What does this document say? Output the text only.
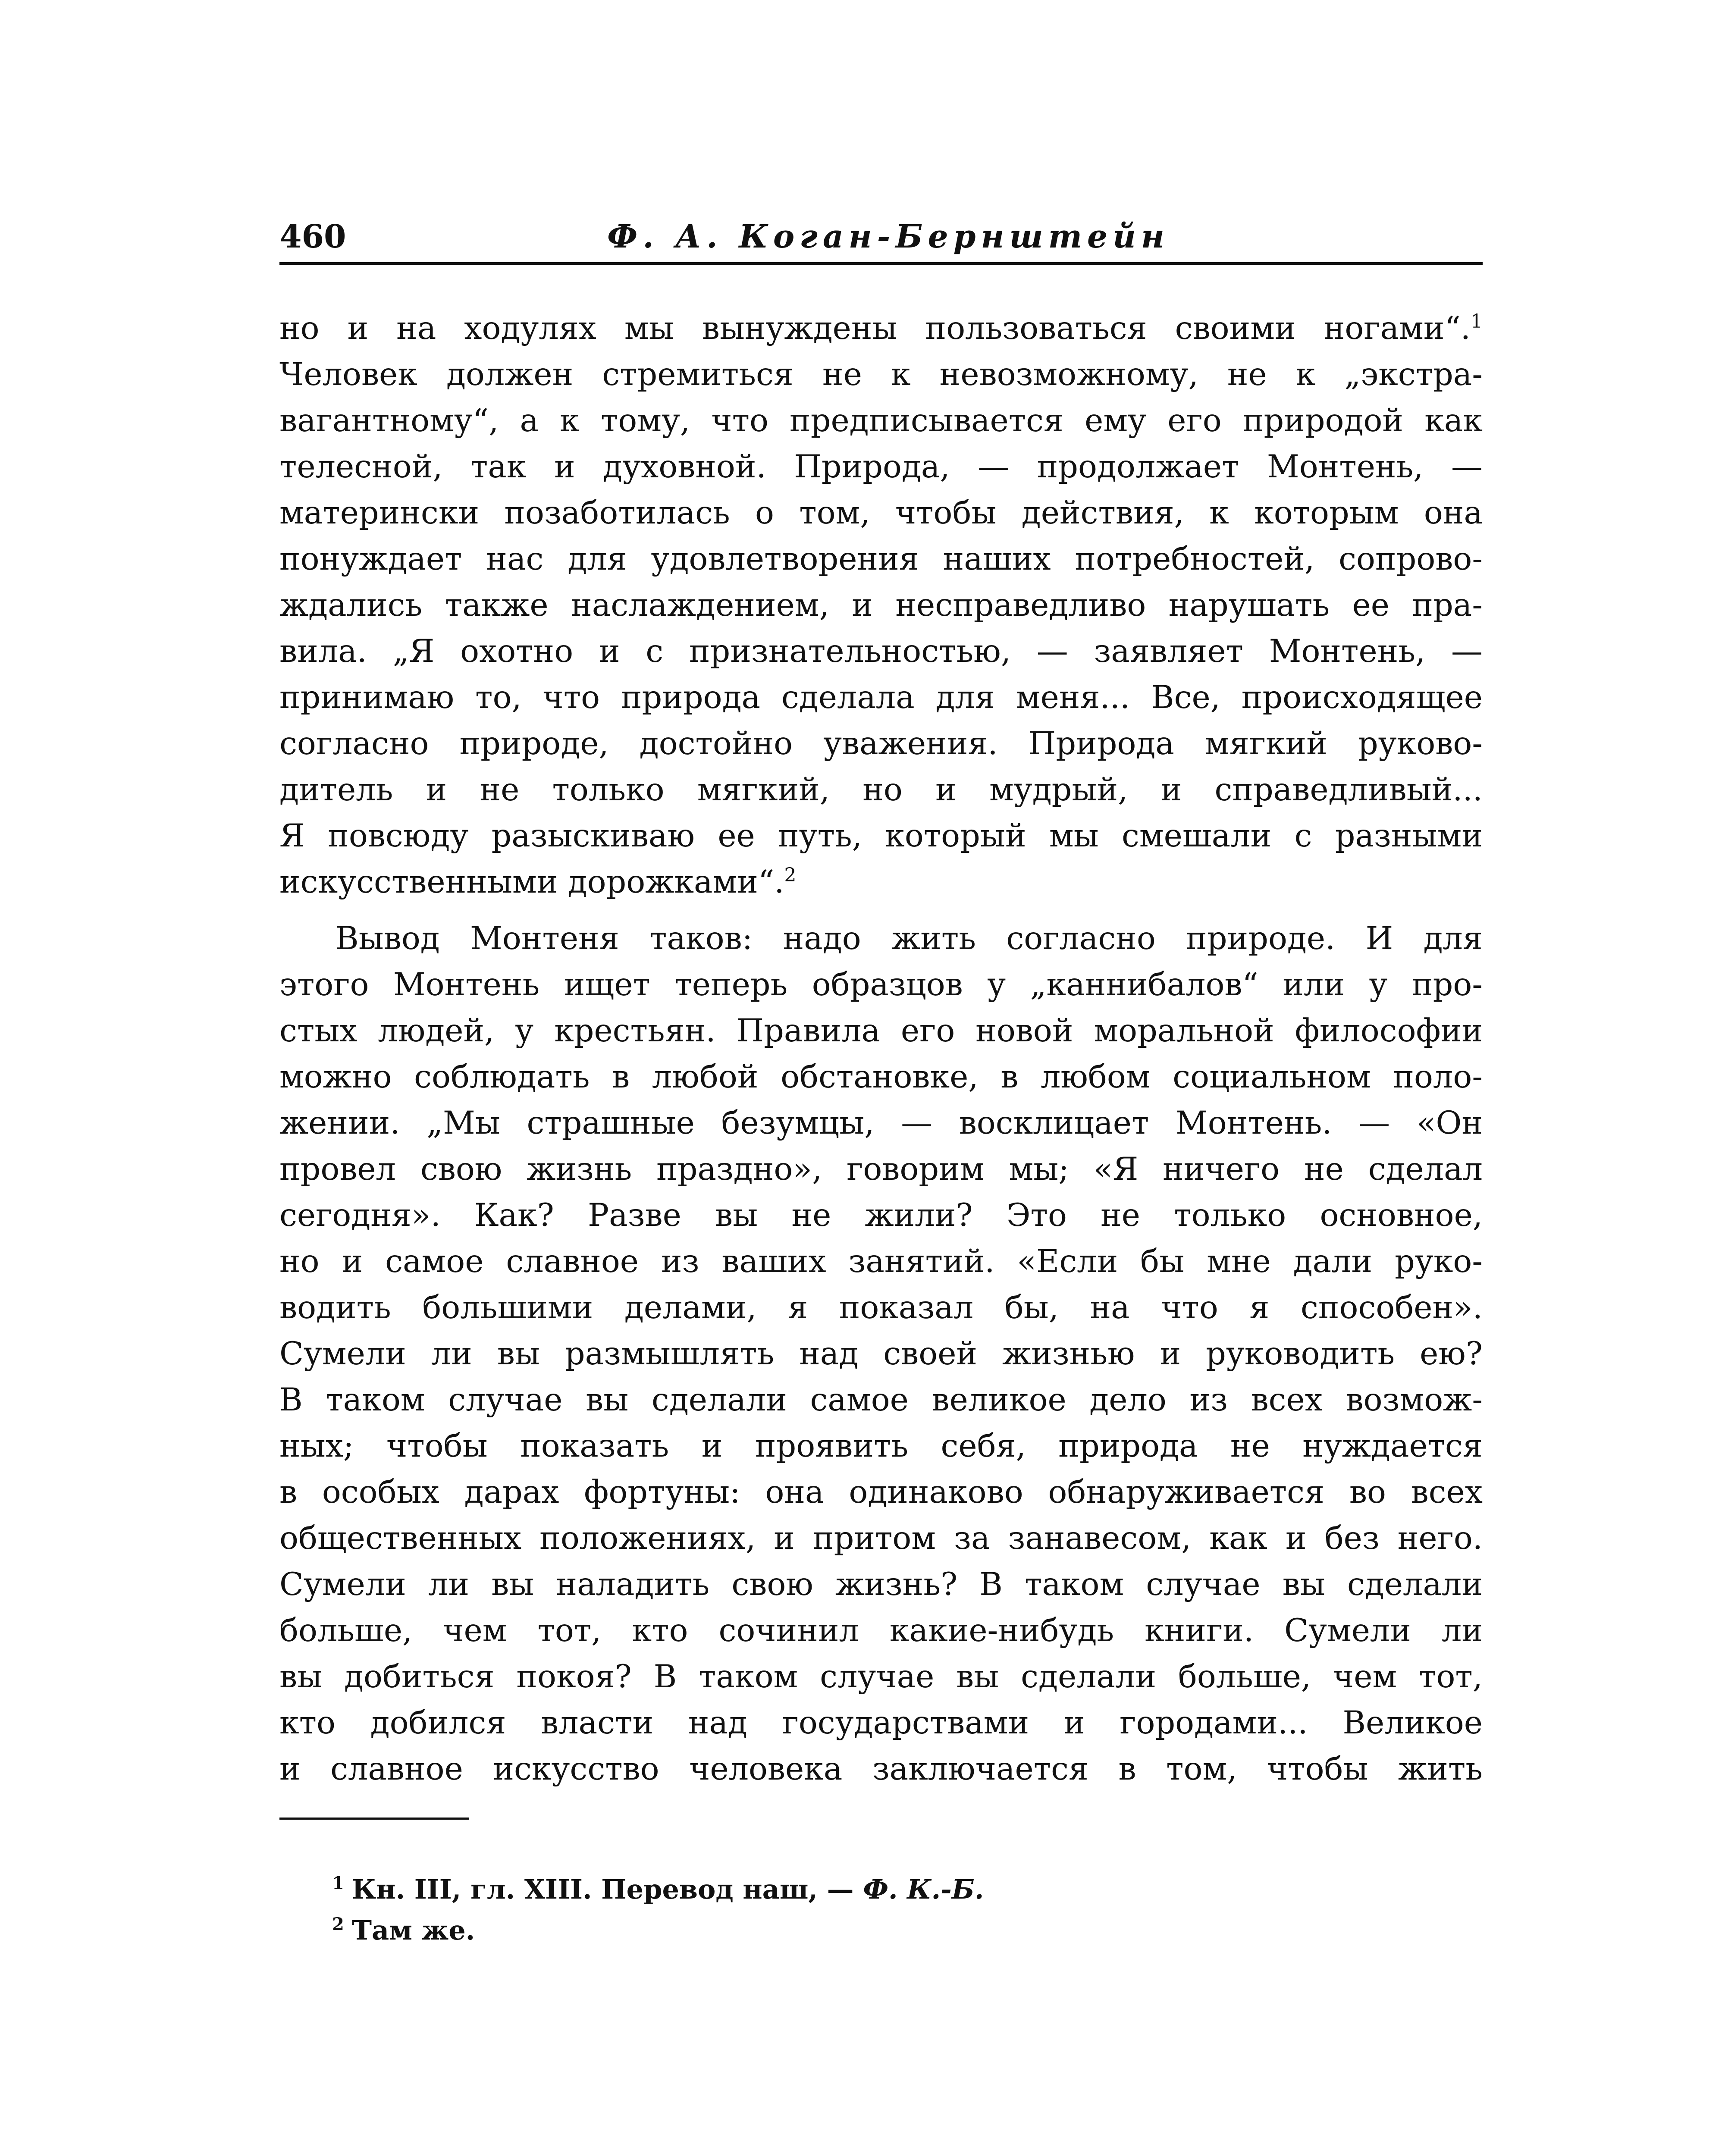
460	Ф. А. Коган-Бернштейн
но и на ходулях мы вынуждены пользоваться своими ногами“.$^1$
Человек должен стремиться не к невозможному, не к „экстра-
вагантному“, а к тому, что предписывается ему его природой как
телесной, так и духовной. Природа, — продолжает Монтень, —
матерински позаботилась о том, чтобы действия, к которым она
понуждает нас для удовлетворения наших потребностей, сопрово-
ждались также наслаждением, и несправедливо нарушать ее пра-
вила. „Я охотно и с признательностью, — заявляет Монтень, —
принимаю то, что природа сделала для меня... Все, происходящее
согласно природе, достойно уважения. Природа мягкий руково-
дитель и не только мягкий, но и мудрый, и справедливый...
Я повсюду разыскиваю ее путь, который мы смешали с разными
искусственными дорожками“.$^2$
Вывод Монтеня таков: надо жить согласно природе. И для
этого Монтень ищет теперь образцов у „каннибалов“ или у про-
стых людей, у крестьян. Правила его новой моральной философии
можно соблюдать в любой обстановке, в любом социальном поло-
жении. „Мы страшные безумцы, — восклицает Монтень. — «Он
провел свою жизнь праздно», говорим мы; «Я ничего не сделал
сегодня». Как? Разве вы не жили? Это не только основное,
но и самое славное из ваших занятий. «Если бы мне дали руко-
водить большими делами, я показал бы, на что я способен».
Сумели ли вы размышлять над своей жизнью и руководить ею?
В таком случае вы сделали самое великое дело из всех возмож-
ных; чтобы показать и проявить себя, природа не нуждается
в особых дарах фортуны: она одинаково обнаруживается во всех
общественных положениях, и притом за занавесом, как и без него.
Сумели ли вы наладить свою жизнь? В таком случае вы сделали
больше, чем тот, кто сочинил какие-нибудь книги. Сумели ли
вы добиться покоя? В таком случае вы сделали больше, чем тот,
кто добился власти над государствами и городами... Великое
и славное искусство человека заключается в том, чтобы жить
$^1$ Кн. III, гл. XIII. Перевод наш, — Ф. К.-Б.
$^2$ Там же.
